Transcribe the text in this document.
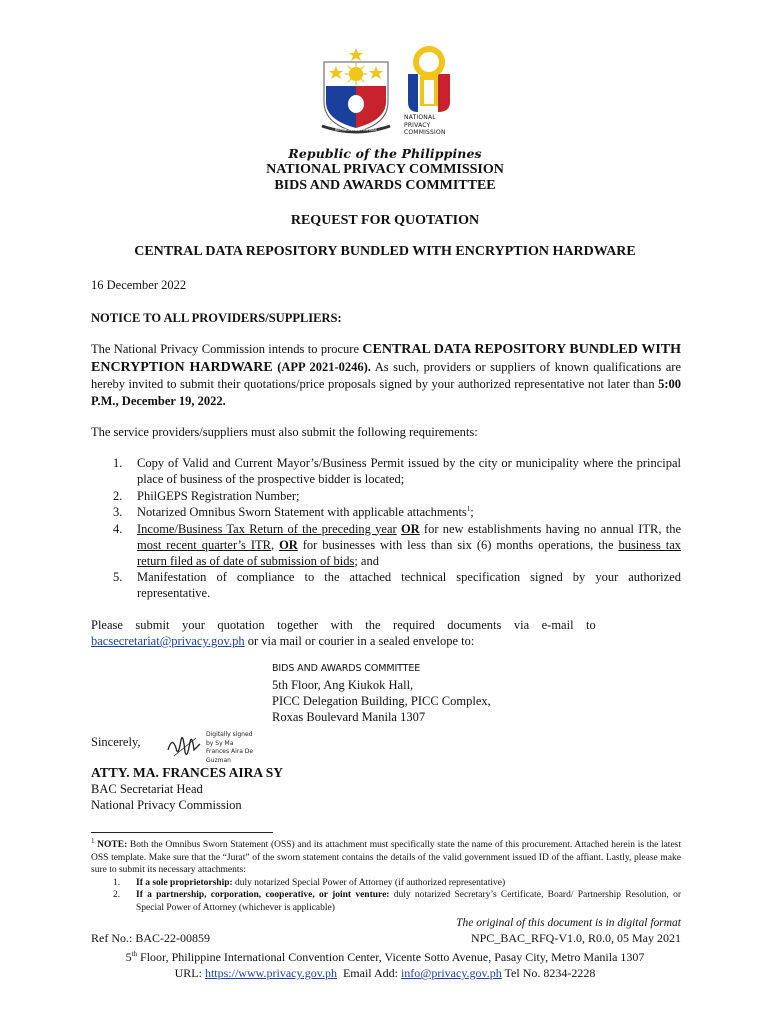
REPUBLIKA NG PILIPINAS
NATIONAL
PRIVACY
COMMISSION
Republic of the Philippines
NATIONAL PRIVACY COMMISSION
BIDS AND AWARDS COMMITTEE
REQUEST FOR QUOTATION
CENTRAL DATA REPOSITORY BUNDLED WITH ENCRYPTION HARDWARE
16 December 2022
NOTICE TO ALL PROVIDERS/SUPPLIERS:
The National Privacy Commission intends to procure CENTRAL DATA REPOSITORY BUNDLED WITH ENCRYPTION HARDWARE (APP 2021-0246). As such, providers or suppliers of known qualifications are hereby invited to submit their quotations/price proposals signed by your authorized representative not later than 5:00 P.M., December 19, 2022.
The service providers/suppliers must also submit the following requirements:
1. Copy of Valid and Current Mayor’s/Business Permit issued by the city or municipality where the principal place of business of the prospective bidder is located;
2. PhilGEPS Registration Number;
3. Notarized Omnibus Sworn Statement with applicable attachments$^1$;
4. Income/Business Tax Return of the preceding year OR for new establishments having no annual ITR, the most recent quarter’s ITR, OR for businesses with less than six (6) months operations, the business tax return filed as of date of submission of bids; and
5. Manifestation of compliance to the attached technical specification signed by your authorized representative.
Please    submit    your    quotation    together    with    the    required    documents    via    e-mail    to
bacsecretariat@privacy.gov.ph or via mail or courier in a sealed envelope to:
BIDS AND AWARDS COMMITTEE
5th Floor, Ang Kiukok Hall,
PICC Delegation Building, PICC Complex,
Roxas Boulevard Manila 1307
Sincerely,
Digitally signed
by Sy Ma
Frances Aira De
Guzman
ATTY. MA. FRANCES AIRA SY
BAC Secretariat Head
National Privacy Commission
$^1$ NOTE: Both the Omnibus Sworn Statement (OSS) and its attachment must specifically state the name of this procurement. Attached herein is the latest OSS template. Make sure that the “Jurat” of the sworn statement contains the details of the valid government issued ID of the affiant. Lastly, please make sure to submit its necessary attachments:
1. If a sole proprietorship: duly notarized Special Power of Attorney (if authorized representative)
2. If a partnership, corporation, cooperative, or joint venture: duly notarized Secretary’s Certificate, Board/ Partnership Resolution, or Special Power of Attorney (whichever is applicable)
The original of this document is in digital format
Ref No.: BAC-22-00859	NPC_BAC_RFQ-V1.0, R0.0, 05 May 2021
5th Floor, Philippine International Convention Center, Vicente Sotto Avenue, Pasay City, Metro Manila 1307
URL: https://www.privacy.gov.ph  Email Add: info@privacy.gov.ph Tel No. 8234-2228
